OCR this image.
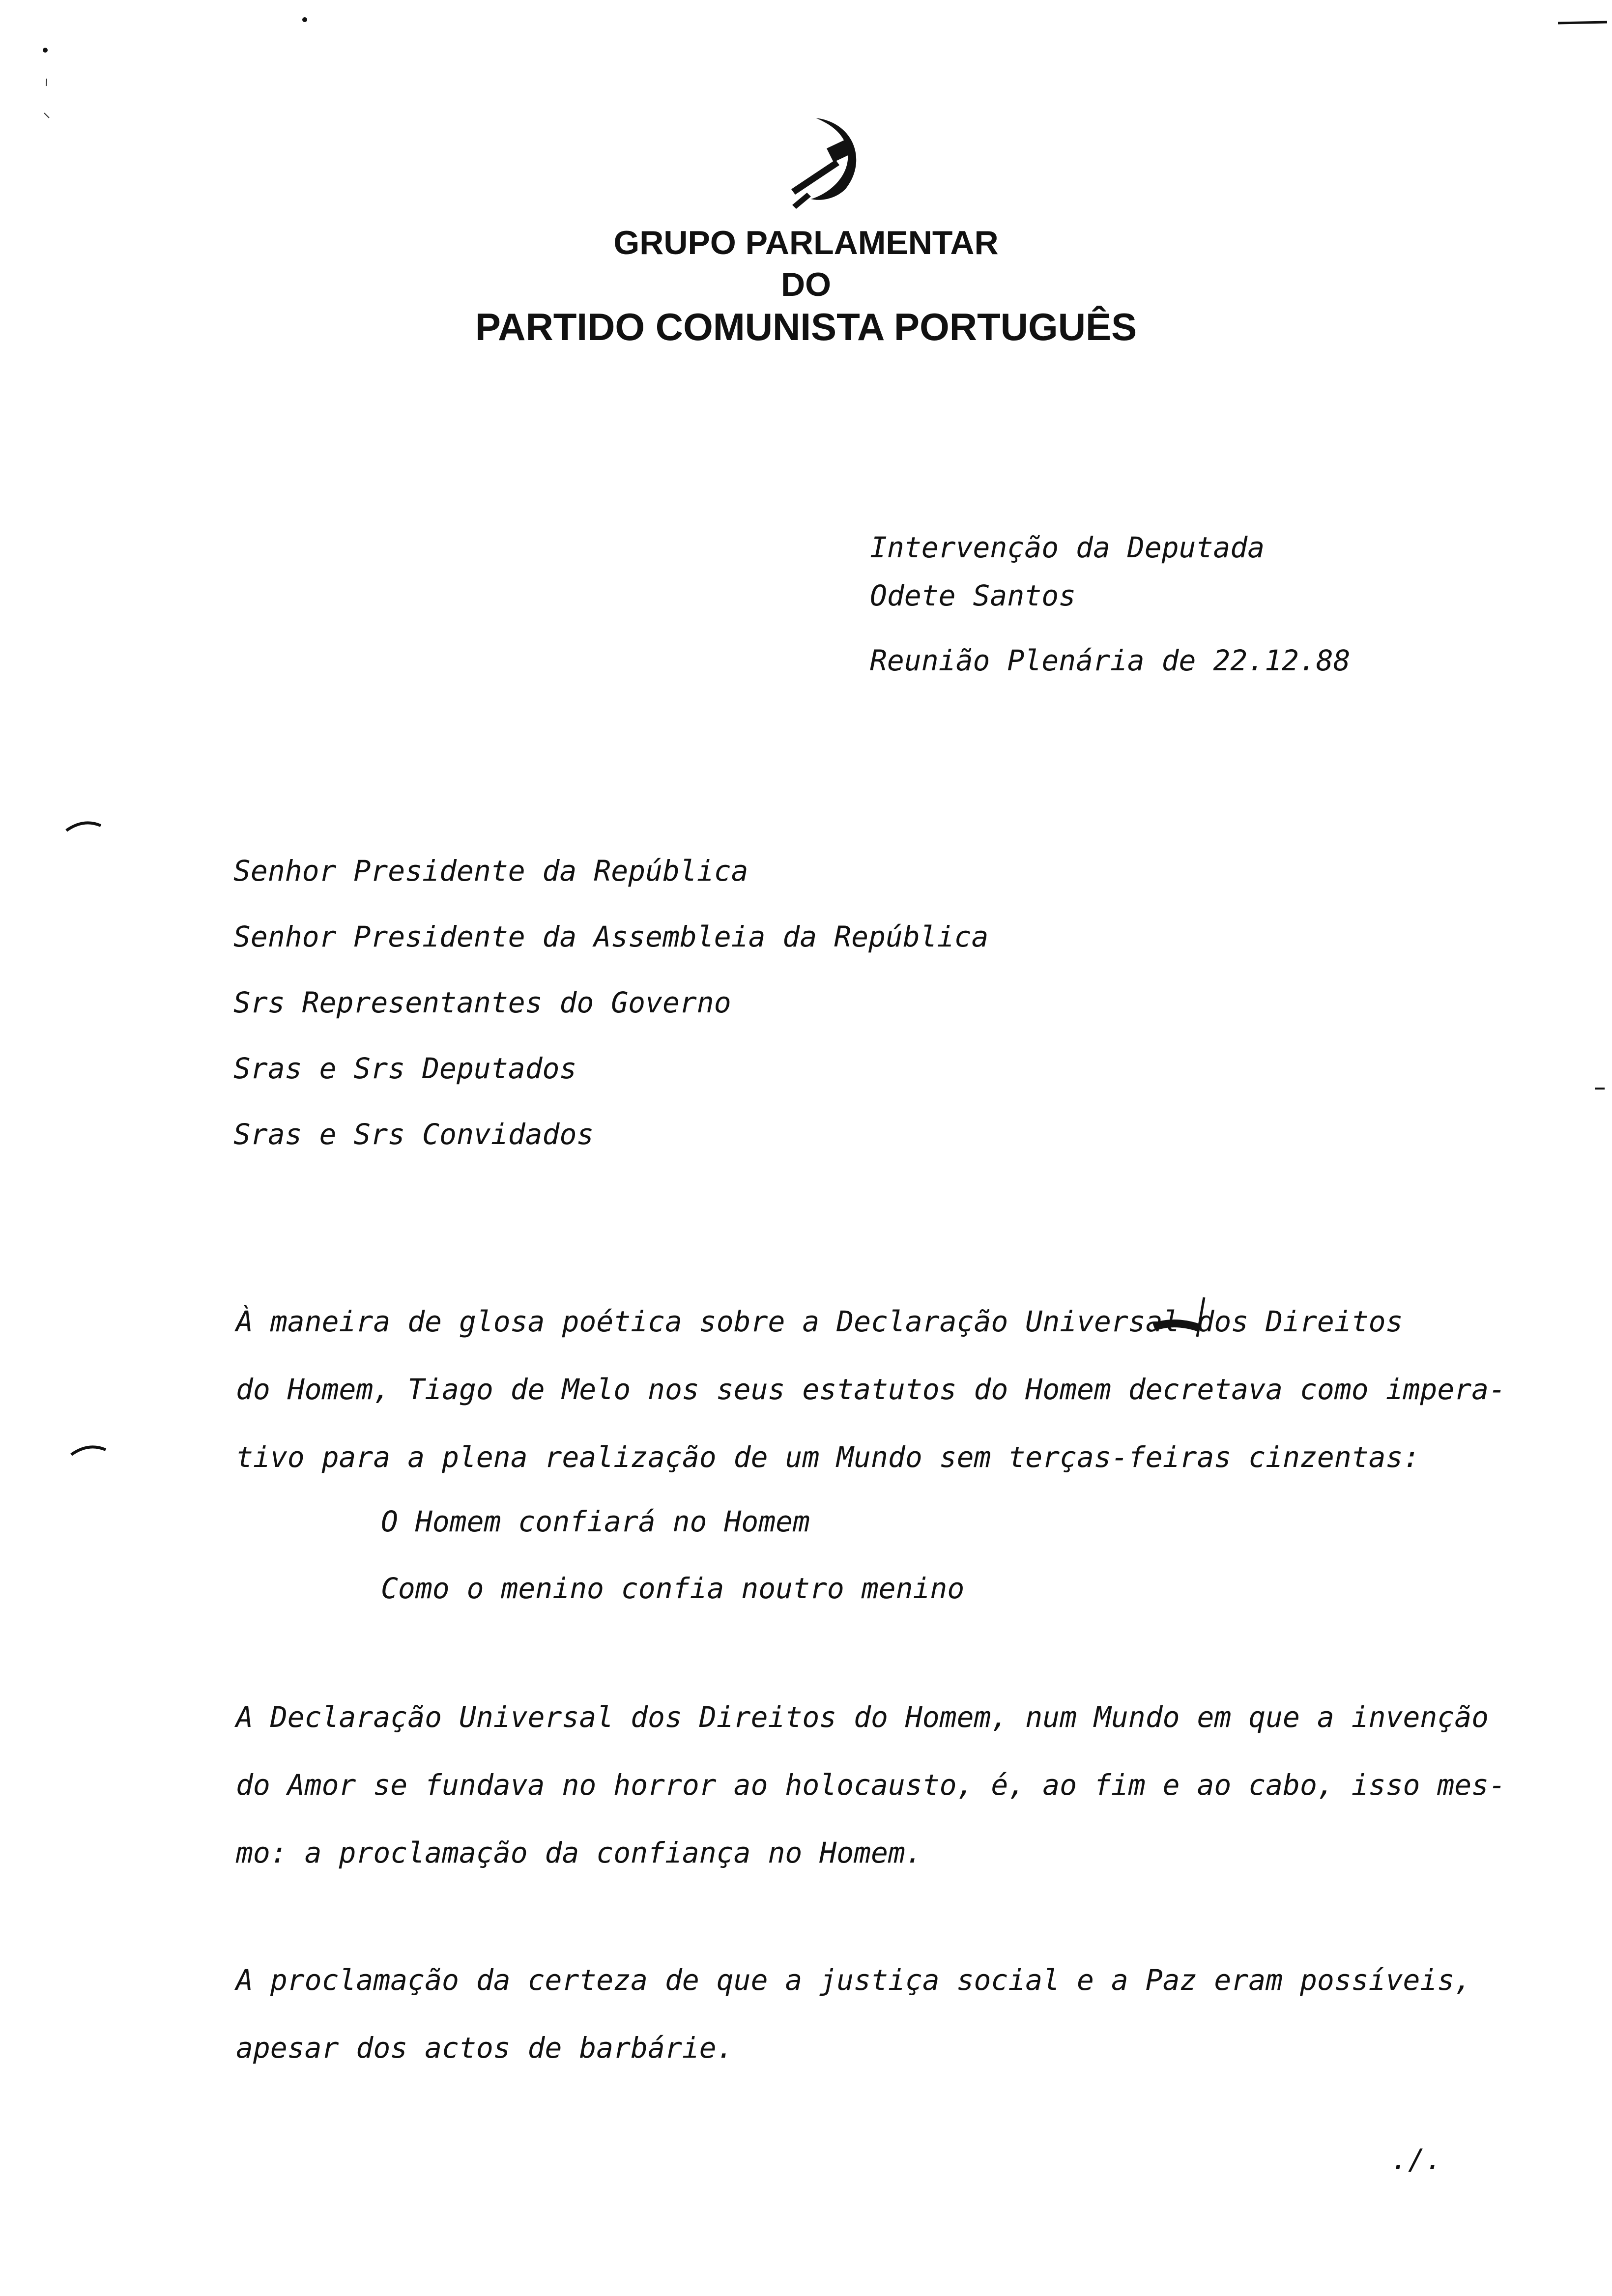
GRUPO PARLAMENTAR
DO
PARTIDO COMUNISTA PORTUGUÊS
Intervenção da Deputada
Odete Santos
Reunião Plenária de 22.12.88
Senhor Presidente da República
Senhor Presidente da Assembleia da República
Srs Representantes do Governo
Sras e Srs Deputados
Sras e Srs Convidados
À maneira de glosa poética sobre a Declaração Universal dos Direitos
do Homem, Tiago de Melo nos seus estatutos do Homem decretava como impera-
tivo para a plena realização de um Mundo sem terças-feiras cinzentas:
O Homem confiará no Homem
Como o menino confia noutro menino
A Declaração Universal dos Direitos do Homem, num Mundo em que a invenção
do Amor se fundava no horror ao holocausto, é, ao fim e ao cabo, isso mes-
mo: a proclamação da confiança no Homem.
A proclamação da certeza de que a justiça social e a Paz eram possíveis,
apesar dos actos de barbárie.
./.
